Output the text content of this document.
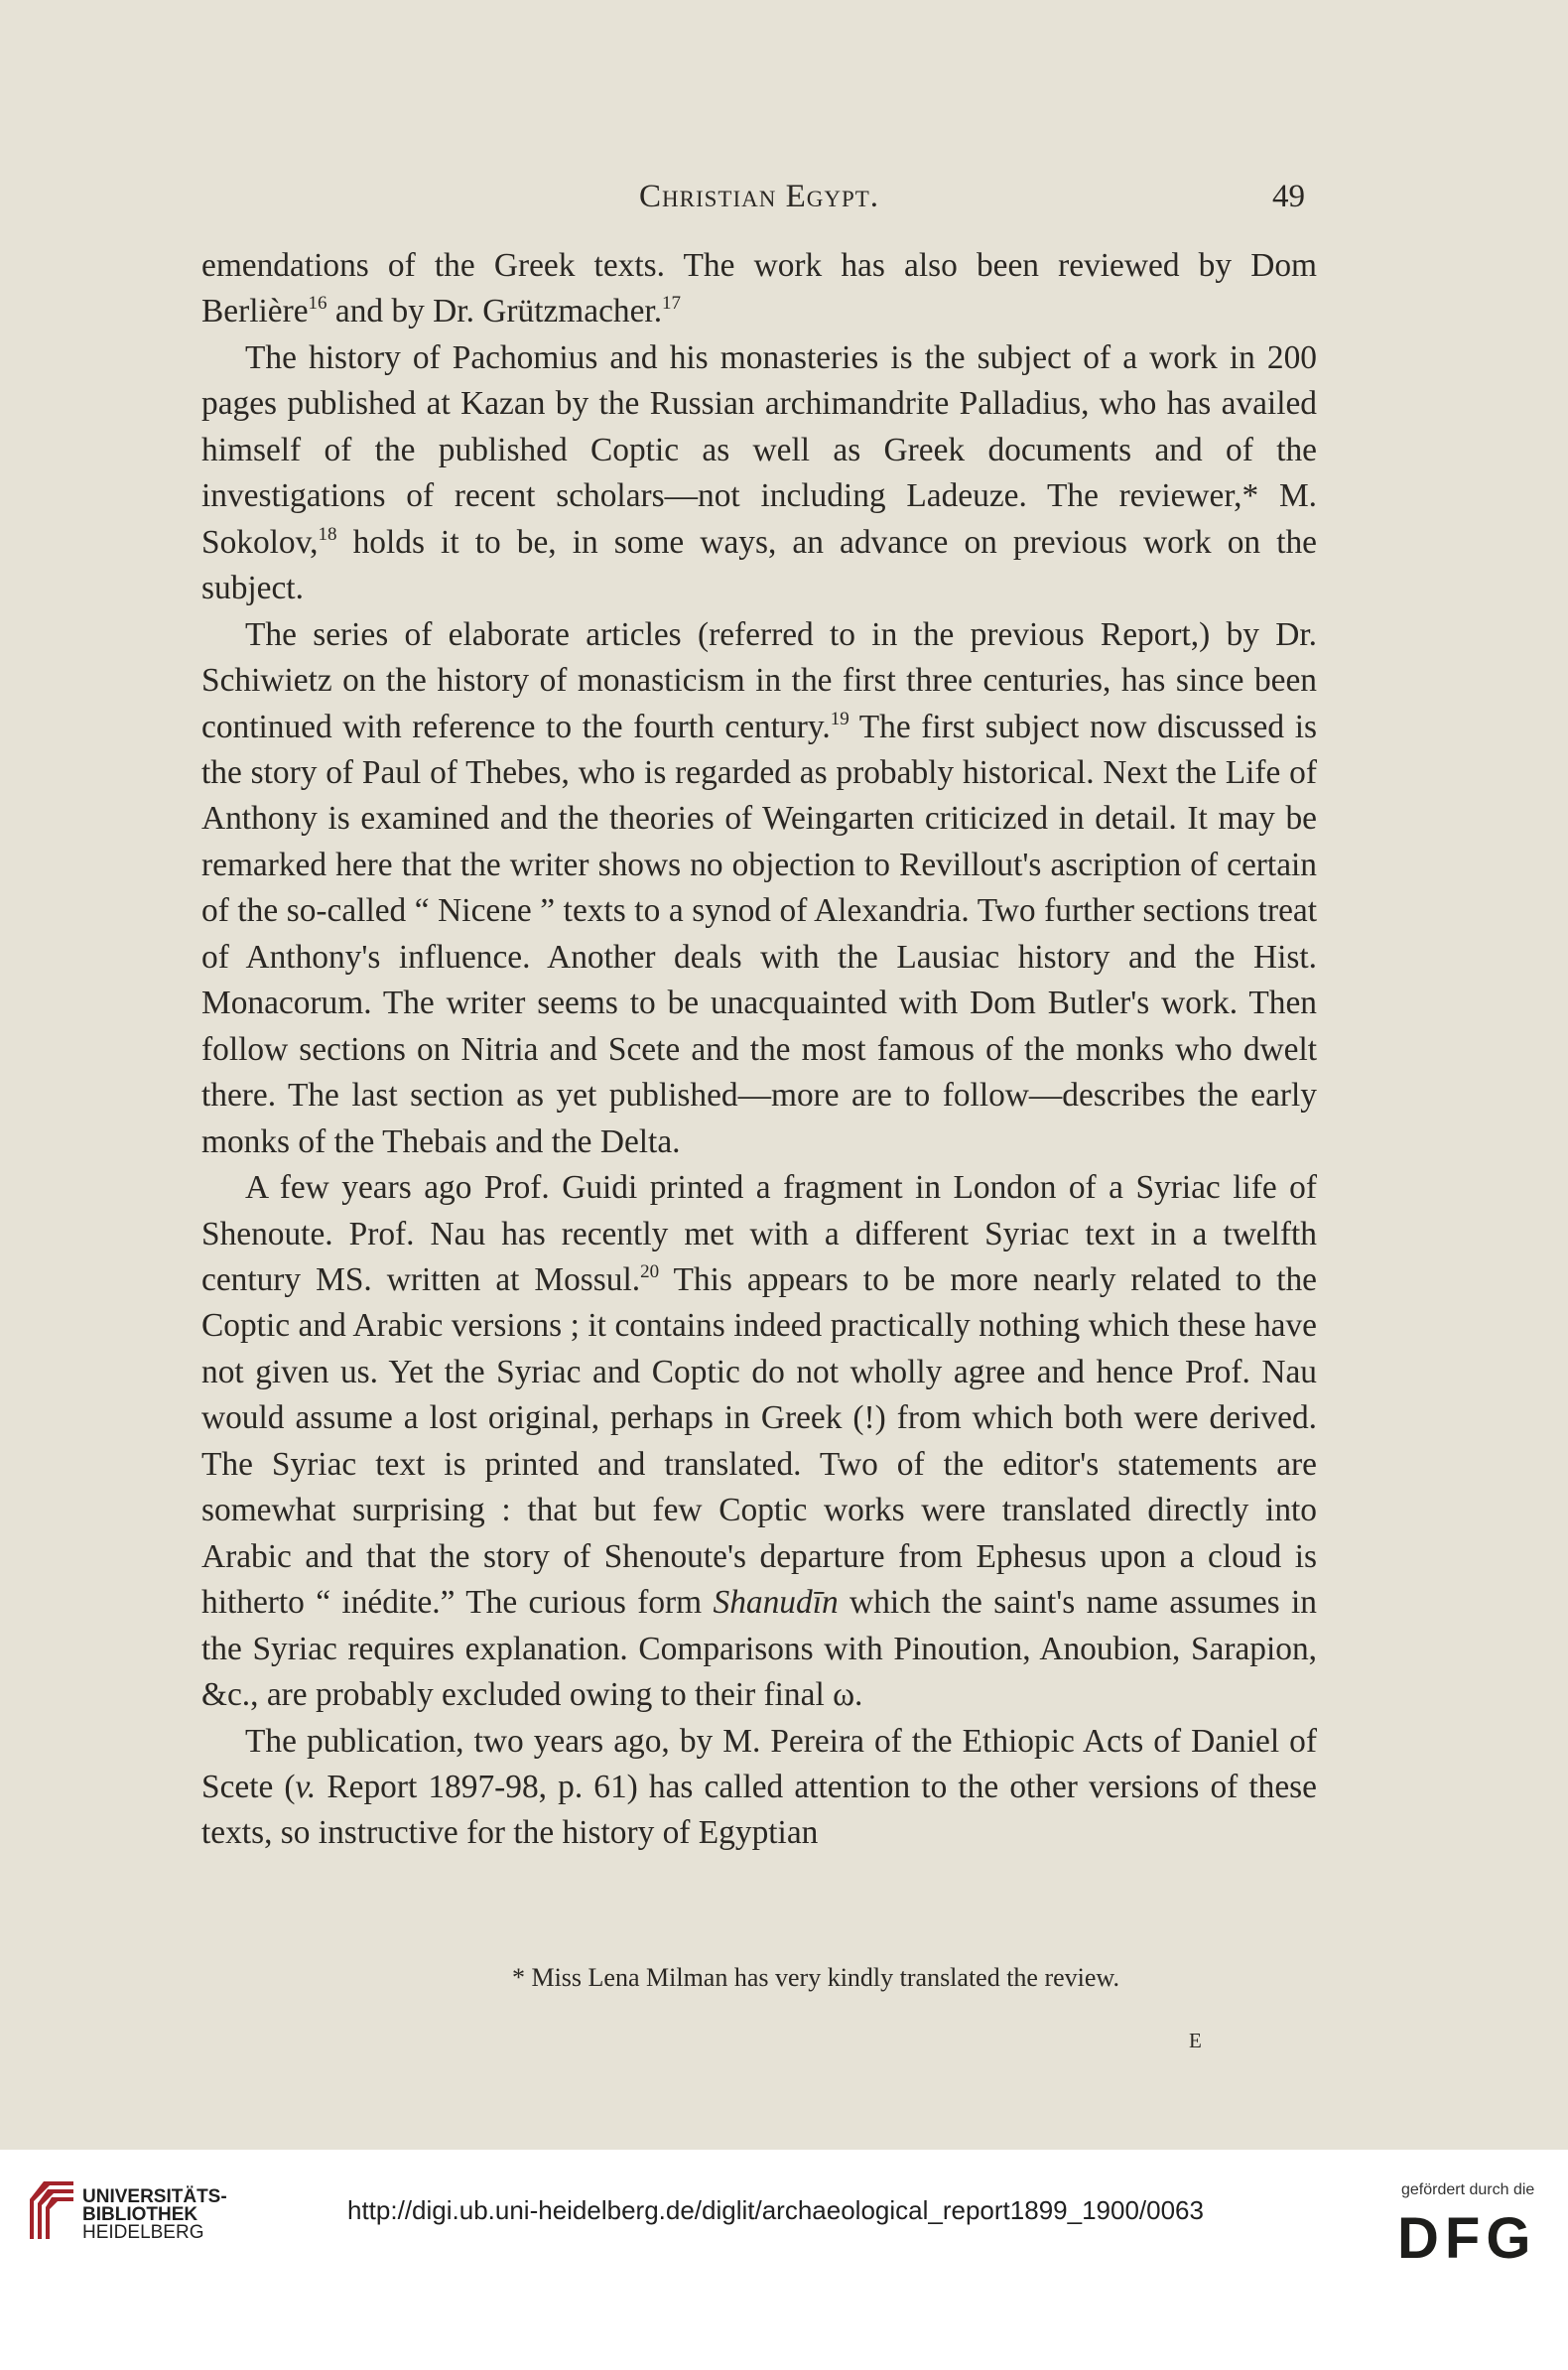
Christian Egypt.	49

emendations of the Greek texts. The work has also been reviewed by Dom Berlière$^{16}$ and by Dr. Grützmacher.$^{17}$

The history of Pachomius and his monasteries is the subject of a work in 200 pages published at Kazan by the Russian archimandrite Palladius, who has availed himself of the published Coptic as well as Greek documents and of the investigations of recent scholars—not including Ladeuze. The reviewer,* M. Sokolov,$^{18}$ holds it to be, in some ways, an advance on previous work on the subject.

The series of elaborate articles (referred to in the previous Report,) by Dr. Schiwietz on the history of monasticism in the first three centuries, has since been continued with reference to the fourth century.$^{19}$ The first subject now discussed is the story of Paul of Thebes, who is regarded as probably historical. Next the Life of Anthony is examined and the theories of Weingarten criticized in detail. It may be remarked here that the writer shows no objection to Revillout's ascription of certain of the so-called “ Nicene ” texts to a synod of Alexandria. Two further sections treat of Anthony's influence. Another deals with the Lausiac history and the Hist. Monacorum. The writer seems to be unacquainted with Dom Butler's work. Then follow sections on Nitria and Scete and the most famous of the monks who dwelt there. The last section as yet published—more are to follow—describes the early monks of the Thebais and the Delta.

A few years ago Prof. Guidi printed a fragment in London of a Syriac life of Shenoute. Prof. Nau has recently met with a different Syriac text in a twelfth century MS. written at Mossul.$^{20}$ This appears to be more nearly related to the Coptic and Arabic versions ; it contains indeed practically nothing which these have not given us. Yet the Syriac and Coptic do not wholly agree and hence Prof. Nau would assume a lost original, perhaps in Greek (!) from which both were derived. The Syriac text is printed and translated. Two of the editor's statements are somewhat surprising : that but few Coptic works were translated directly into Arabic and that the story of Shenoute's departure from Ephesus upon a cloud is hitherto “ inédite.” The curious form Shanudīn which the saint's name assumes in the Syriac requires explanation. Comparisons with Pinoution, Anoubion, Sarapion, &c., are probably excluded owing to their final ω.

The publication, two years ago, by M. Pereira of the Ethiopic Acts of Daniel of Scete (v. Report 1897-98, p. 61) has called attention to the other versions of these texts, so instructive for the history of Egyptian

* Miss Lena Milman has very kindly translated the review.
E
UNIVERSITÄTS-
BIBLIOTHEK
HEIDELBERG
http://digi.ub.uni-heidelberg.de/diglit/archaeological_report1899_1900/0063
gefördert durch die
DFG
